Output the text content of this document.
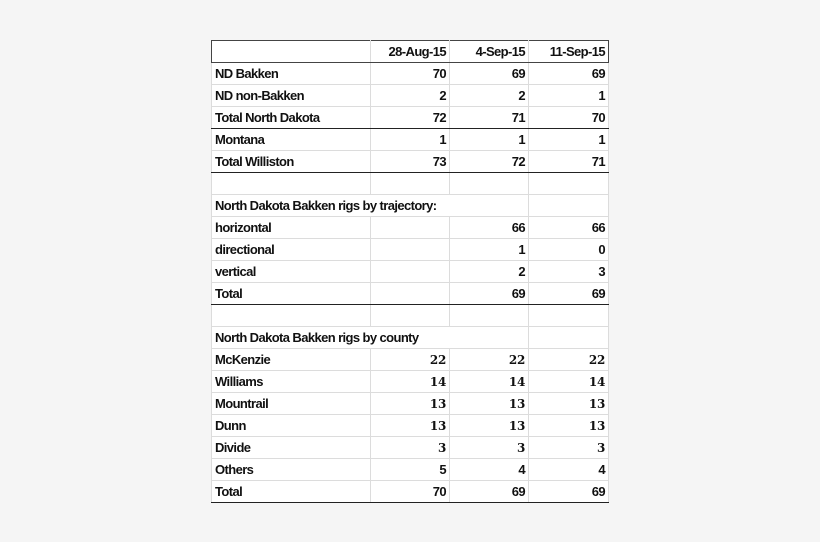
	28-Aug-15	4-Sep-15	11-Sep-15
ND Bakken	70	69	69
ND non-Bakken	2	2	1
Total North Dakota	72	71	70
Montana	1	1	1
Total Williston	73	72	71

North Dakota Bakken rigs by trajectory:			
horizontal		66	66
directional		1	0
vertical		2	3
Total		69	69

North Dakota Bakken rigs by county			
McKenzie	22	22	22
Williams	14	14	14
Mountrail	13	13	13
Dunn	13	13	13
Divide	3	3	3
Others	5	4	4
Total	70	69	69
